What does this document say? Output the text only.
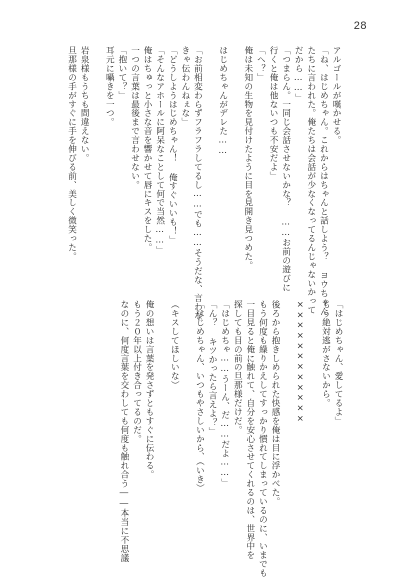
28
アルゴールが嘆かせる。
「ね、はじめちゃん。これからはちゃんと話しよう？ ヨウちゃん
たちに言われた。俺たちは会話が少なくなってるんじゃないかって
だから……」
「つまらん。一同じ会話させないかな？ ……お前の遊びに
行くと俺は他ないつも不安だよ」
「へ？」
俺は未知の生物を見付けたように目を見開き見つめた。

はじめちゃんがデレた……

「お前相変わらずフラフラしてるし……でも……そうだな、言わな
きゃ伝わんねぇな」
「どうしようはじめちゃん！ 俺すぐいいも！」
「そんなアホールに阿呆なことして何で当然……」
俺はちゅっと小さな音を響かせて唇にキスをした。
一つの言葉は最後まで言わせない。
「抱いて？」
耳元に囁きを一つ。

岩泉様もうちも間違えない。
旦那様の手がすぐに手を伸びる前、美しく微笑った。
「はじめちゃん、愛してるよ」
もう絶対逃がさないから。

××××××××××××

後ろから抱きしめられた快感を俺は目に浮かべた。
もう何度も繰りかえしてすっかり慣れてしまっているのに、いまでも
一目見ると俺に触れて、自分を安心させてくれるのは、世界中を
探しても目の前の旦那様だけだ。
「はじめちゃ……うーん、だ……だよ……」
「ん？ キツかったら言えよ？」
「はじめちゃん、いつもやさしいから、（いき）

（キスしてほしいな）

俺の想いは言葉を発さずともすぐに伝わる。
もう２０年以上付き合ってるのだ。
なのに、何度言葉を交わしても何度も触れ合う――本当に不思議
